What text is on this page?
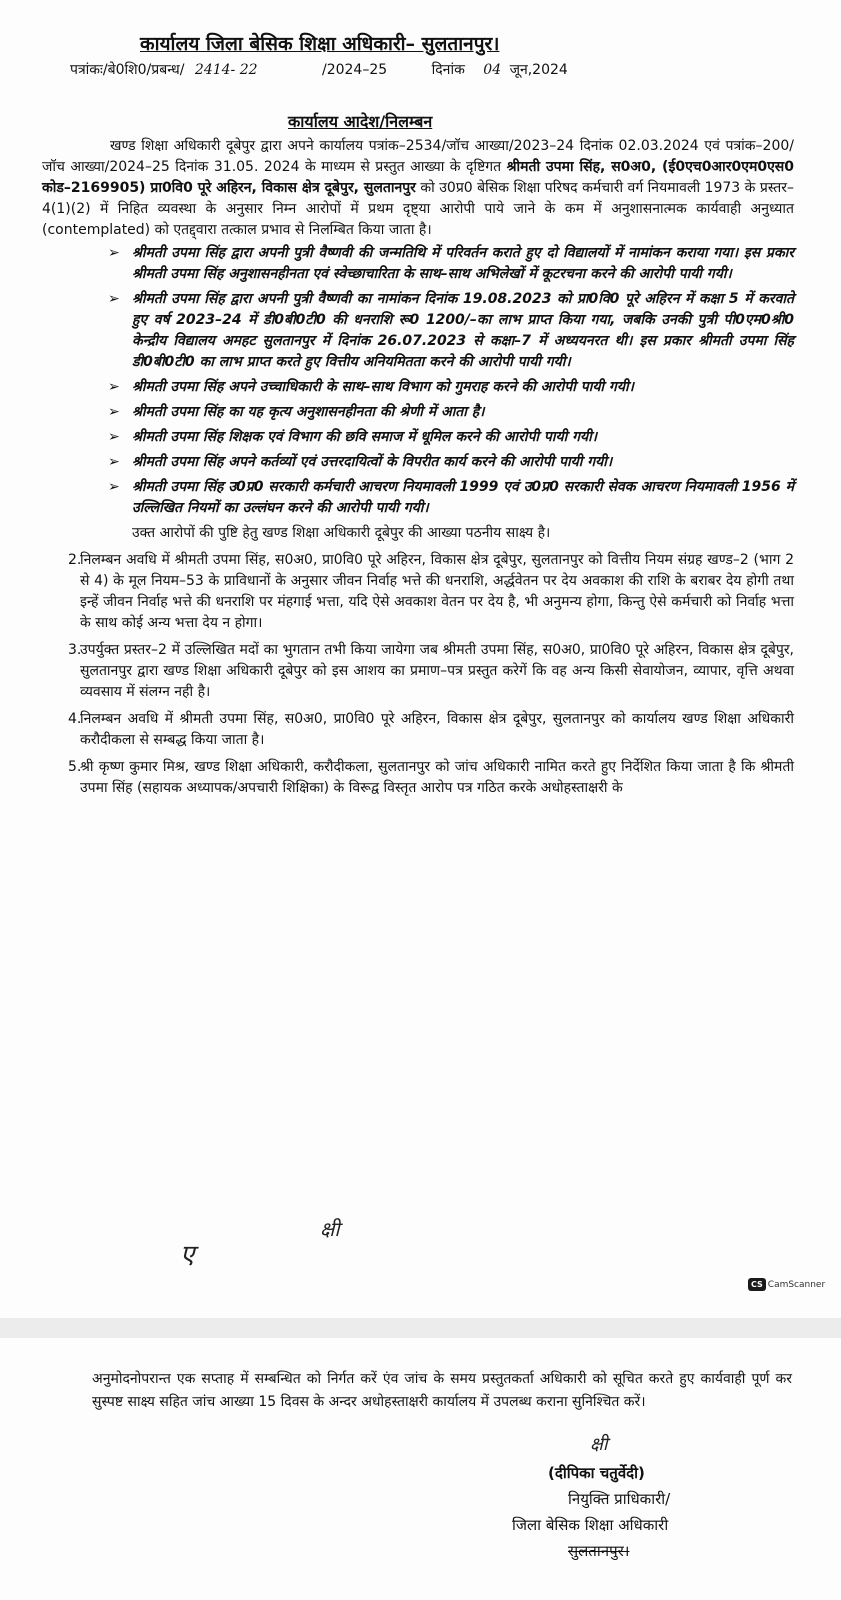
कार्यालय जिला बेसिक शिक्षा अधिकारी– सुलतानपुर।
पत्रांकः/बे0शि0/प्रबन्ध/ 2414- 22	/2024–25	दिनांक 04 जून,2024
कार्यालय आदेश/निलम्बन

खण्ड शिक्षा अधिकारी दूबेपुर द्वारा अपने कार्यालय पत्रांक–2534/जॉच आख्या/2023–24 दिनांक 02.03.2024 एवं पत्रांक–200/जॉच आख्या/2024–25 दिनांक 31.05. 2024 के माध्यम से प्रस्तुत आख्या के दृष्टिगत श्रीमती उपमा सिंह, स0अ0, (ई0एच0आर0एम0एस0 कोड–2169905) प्रा0वि0 पूरे अहिरन, विकास क्षेत्र दूबेपुर, सुलतानपुर को उ0प्र0 बेसिक शिक्षा परिषद कर्मचारी वर्ग नियमावली 1973 के प्रस्तर–4(1)(2) में निहित व्यवस्था के अनुसार निम्न आरोपों में प्रथम दृष्ट्या आरोपी पाये जाने के कम में अनुशासनात्मक कार्यवाही अनुध्यात (contemplated) को एतद्द्वारा तत्काल प्रभाव से निलम्बित किया जाता है।

➢ श्रीमती उपमा सिंह द्वारा अपनी पुत्री वैष्णवी की जन्मतिथि में परिवर्तन कराते हुए दो विद्यालयों में नामांकन कराया गया। इस प्रकार श्रीमती उपमा सिंह अनुशासनहीनता एवं स्वेच्छाचारिता के साथ–साथ अभिलेखों में कूटरचना करने की आरोपी पायी गयी।
➢ श्रीमती उपमा सिंह द्वारा अपनी पुत्री वैष्णवी का नामांकन दिनांक 19.08.2023 को प्रा0वि0 पूरे अहिरन में कक्षा 5 में करवाते हुए वर्ष 2023–24 में डी0बी0टी0 की धनराशि रू0 1200/–का लाभ प्राप्त किया गया, जबकि उनकी पुत्री पी0एम0श्री0 केन्द्रीय विद्यालय अमहट सुलतानपुर में दिनांक 26.07.2023 से कक्षा–7 में अध्ययनरत थी। इस प्रकार श्रीमती उपमा सिंह डी0बी0टी0 का लाभ प्राप्त करते हुए वित्तीय अनियमितता करने की आरोपी पायी गयी।
➢ श्रीमती उपमा सिंह अपने उच्चाधिकारी के साथ–साथ विभाग को गुमराह करने की आरोपी पायी गयी।
➢ श्रीमती उपमा सिंह का यह कृत्य अनुशासनहीनता की श्रेणी में आता है।
➢ श्रीमती उपमा सिंह शिक्षक एवं विभाग की छवि समाज में धूमिल करने की आरोपी पायी गयी।
➢ श्रीमती उपमा सिंह अपने कर्तव्यों एवं उत्तरदायित्वों के विपरीत कार्य करने की आरोपी पायी गयी।
➢ श्रीमती उपमा सिंह उ0प्र0 सरकारी कर्मचारी आचरण नियमावली 1999 एवं उ0प्र0 सरकारी सेवक आचरण नियमावली 1956 में उल्लिखित नियमों का उल्लंघन करने की आरोपी पायी गयी।

उक्त आरोपों की पुष्टि हेतु खण्ड शिक्षा अधिकारी दूबेपुर की आख्या पठनीय साक्ष्य है।

2.
निलम्बन अवधि में श्रीमती उपमा सिंह, स0अ0, प्रा0वि0 पूरे अहिरन, विकास क्षेत्र दूबेपुर, सुलतानपुर को वित्तीय नियम संग्रह खण्ड–2 (भाग 2 से 4) के मूल नियम–53 के प्राविधानों के अनुसार जीवन निर्वाह भत्ते की धनराशि, अर्द्धवेतन पर देय अवकाश की राशि के बराबर देय होगी तथा इन्हें जीवन निर्वाह भत्ते की धनराशि पर मंहगाई भत्ता, यदि ऐसे अवकाश वेतन पर देय है, भी अनुमन्य होगा, किन्तु ऐसे कर्मचारी को निर्वाह भत्ता के साथ कोई अन्य भत्ता देय न होगा।
3.
उपर्युक्त प्रस्तर–2 में उल्लिखित मदों का भुगतान तभी किया जायेगा जब श्रीमती उपमा सिंह, स0अ0, प्रा0वि0 पूरे अहिरन, विकास क्षेत्र दूबेपुर, सुलतानपुर द्वारा खण्ड शिक्षा अधिकारी दूबेपुर को इस आशय का प्रमाण–पत्र प्रस्तुत करेगें कि वह अन्य किसी सेवायोजन, व्यापार, वृत्ति अथवा व्यवसाय में संलग्न नही है।
4.
निलम्बन अवधि में श्रीमती उपमा सिंह, स0अ0, प्रा0वि0 पूरे अहिरन, विकास क्षेत्र दूबेपुर, सुलतानपुर को कार्यालय खण्ड शिक्षा अधिकारी करौदीकला से सम्बद्ध किया जाता है।
5.
श्री कृष्ण कुमार मिश्र, खण्ड शिक्षा अधिकारी, करौदीकला, सुलतानपुर को जांच अधिकारी नामित करते हुए निर्देशित किया जाता है कि श्रीमती उपमा सिंह (सहायक अध्यापक/अपचारी शिक्षिका) के विरूद्व विस्तृत आरोप पत्र गठित करके अधोहस्ताक्षरी के
ए
क्षी
CS CamScanner
अनुमोदनोपरान्त एक सप्ताह में सम्बन्धित को निर्गत करें एंव जांच के समय प्रस्तुतकर्ता अधिकारी को सूचित करते हुए कार्यवाही पूर्ण कर सुस्पष्ट साक्ष्य सहित जांच आख्या 15 दिवस के अन्दर अधोहस्ताक्षरी कार्यालय में उपलब्ध कराना सुनिश्चित करें।
क्षी
(दीपिका चतुर्वेदी)
नियुक्ति प्राधिकारी/
जिला बेसिक शिक्षा अधिकारी
सुलतानपुर।
